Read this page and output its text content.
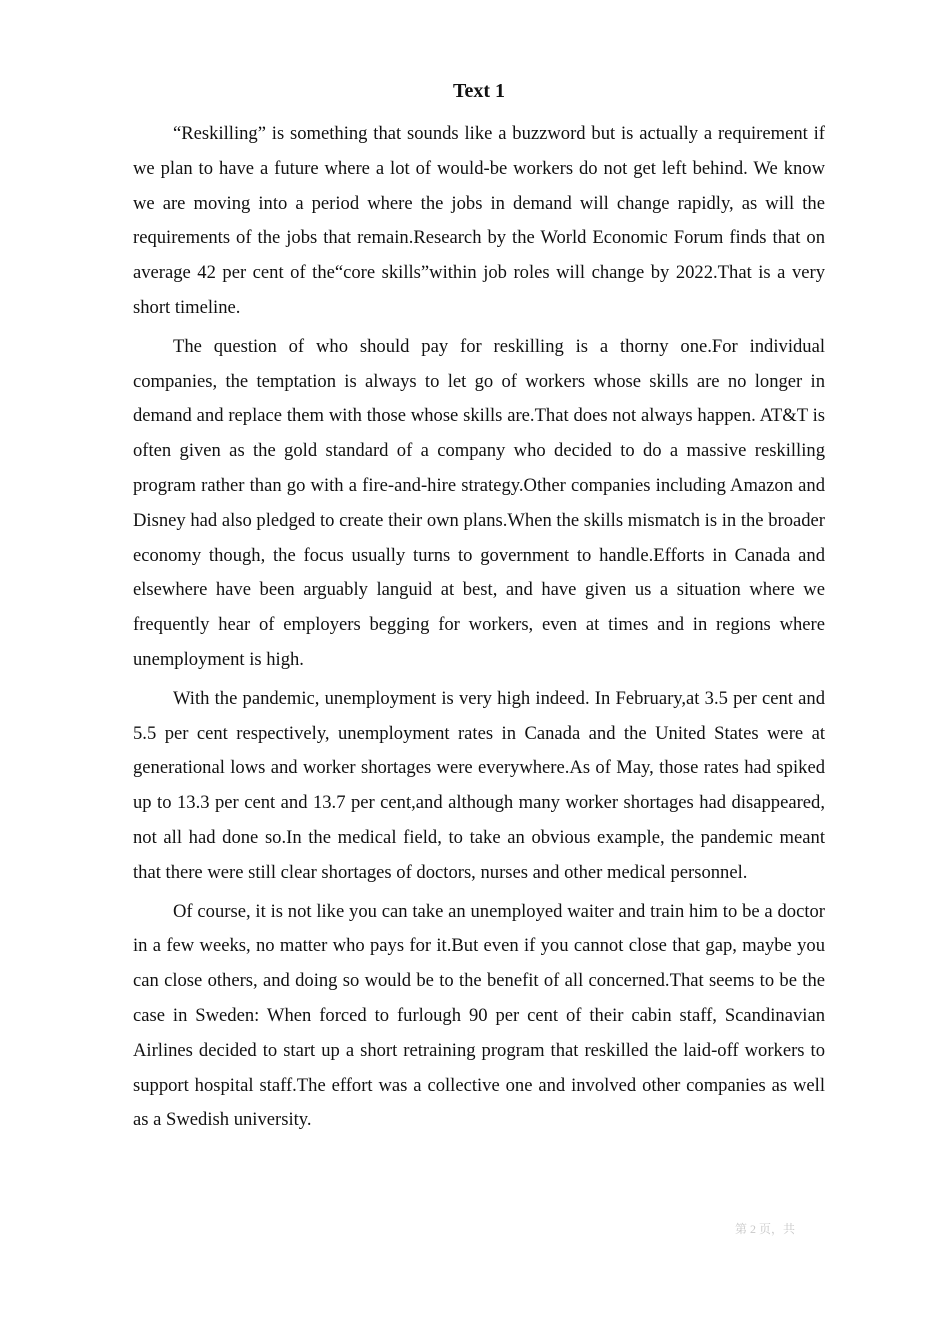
Text 1

“Reskilling” is something that sounds like a buzzword but is actually a requirement if we plan to have a future where a lot of would-be workers do not get left behind. We know we are moving into a period where the jobs in demand will change rapidly, as will the requirements of the jobs that remain.Research by the World Economic Forum finds that on average 42 per cent of the“core skills”within job roles will change by 2022.That is a very short timeline.

The question of who should pay for reskilling is a thorny one.For individual companies, the temptation is always to let go of workers whose skills are no longer in demand and replace them with those whose skills are.That does not always happen. AT&T is often given as the gold standard of a company who decided to do a massive reskilling program rather than go with a fire-and-hire strategy.Other companies including Amazon and Disney had also pledged to create their own plans.When the skills mismatch is in the broader economy though, the focus usually turns to government to handle.Efforts in Canada and elsewhere have been arguably languid at best, and have given us a situation where we frequently hear of employers begging for workers, even at times and in regions where unemployment is high.

With the pandemic, unemployment is very high indeed. In February,at 3.5 per cent and 5.5 per cent respectively, unemployment rates in Canada and the United States were at generational lows and worker shortages were everywhere.As of May, those rates had spiked up to 13.3 per cent and 13.7 per cent,and although many worker shortages had disappeared, not all had done so.In the medical field, to take an obvious example, the pandemic meant that there were still clear shortages of doctors, nurses and other medical personnel.

Of course, it is not like you can take an unemployed waiter and train him to be a doctor in a few weeks, no matter who pays for it.But even if you cannot close that gap, maybe you can close others, and doing so would be to the benefit of all concerned.That seems to be the case in Sweden: When forced to furlough 90 per cent of their cabin staff, Scandinavian Airlines decided to start up a short retraining program that reskilled the laid-off workers to support hospital staff.The effort was a collective one and involved other companies as well as a Swedish university.

第 2 页，共
